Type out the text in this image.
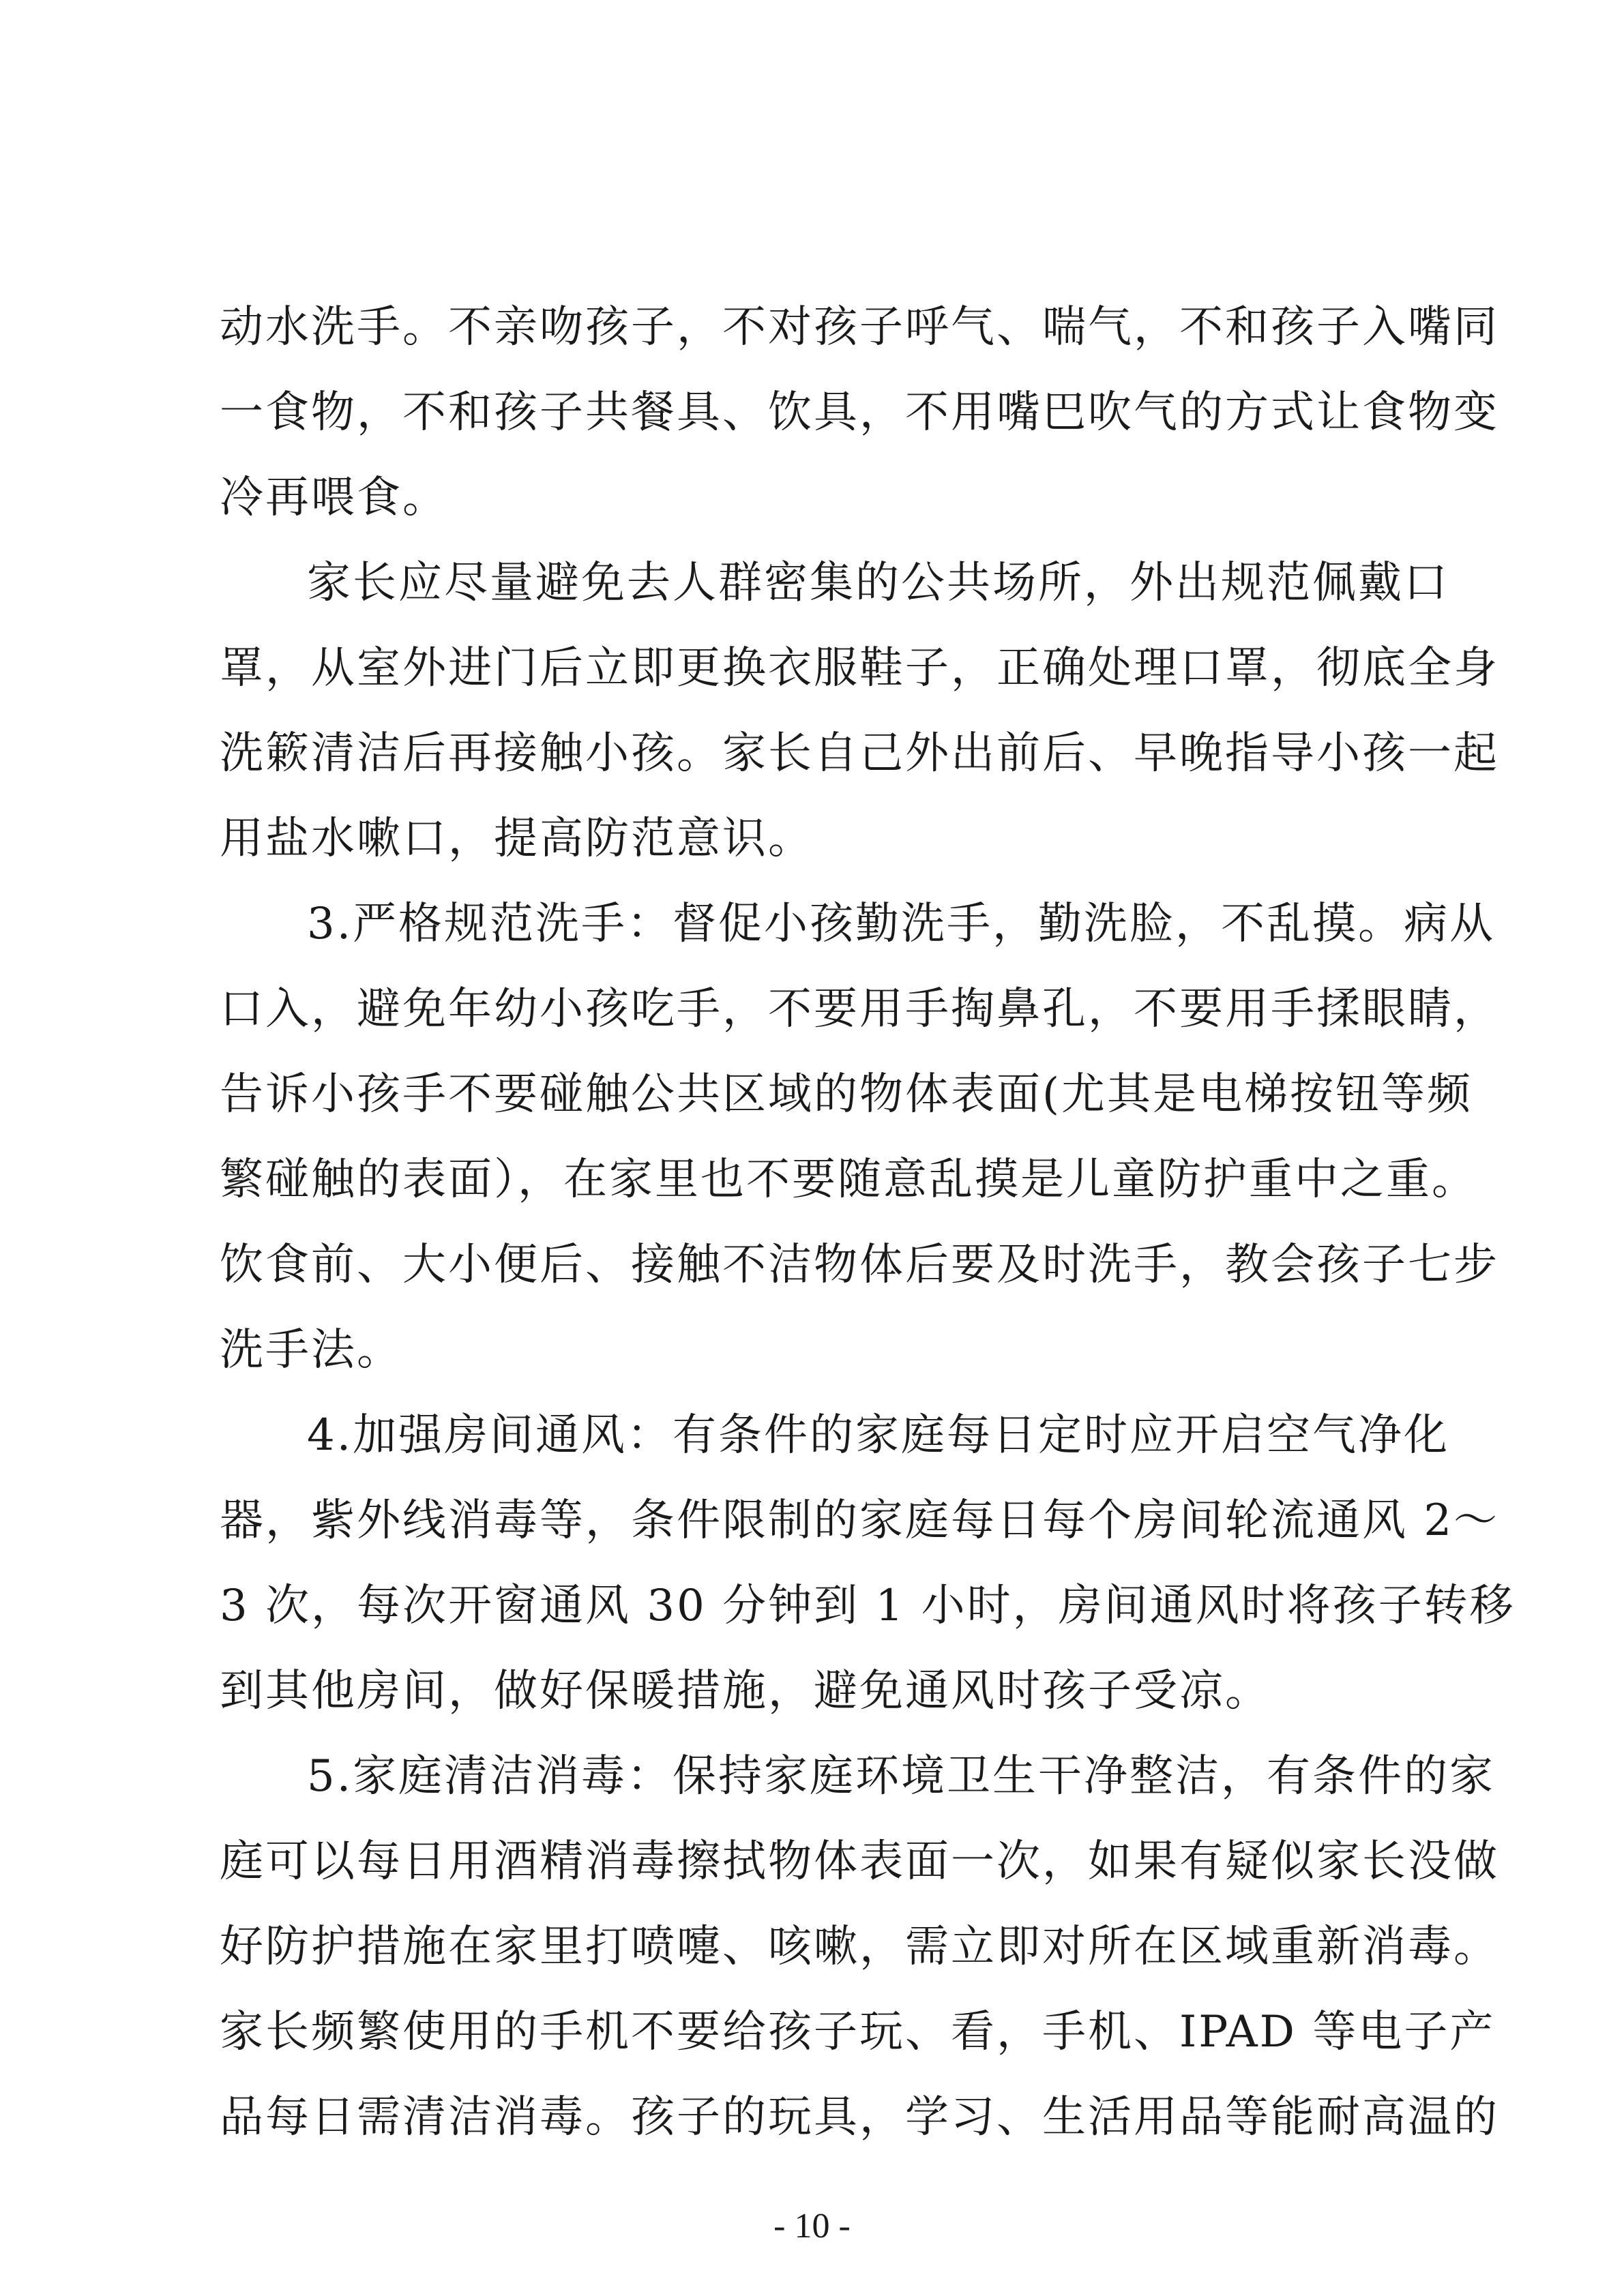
动水洗手。不亲吻孩子，不对孩子呼气、喘气，不和孩子入嘴同
一食物，不和孩子共餐具、饮具，不用嘴巴吹气的方式让食物变
冷再喂食。
家长应尽量避免去人群密集的公共场所，外出规范佩戴口
罩，从室外进门后立即更换衣服鞋子，正确处理口罩，彻底全身
洗簌清洁后再接触小孩。家长自己外出前后、早晚指导小孩一起
用盐水嗽口，提高防范意识。
3.严格规范洗手：督促小孩勤洗手，勤洗脸，不乱摸。病从
口入，避免年幼小孩吃手，不要用手掏鼻孔，不要用手揉眼睛，
告诉小孩手不要碰触公共区域的物体表面(尤其是电梯按钮等频
繁碰触的表面），在家里也不要随意乱摸是儿童防护重中之重。
饮食前、大小便后、接触不洁物体后要及时洗手，教会孩子七步
洗手法。
4.加强房间通风：有条件的家庭每日定时应开启空气净化
器，紫外线消毒等，条件限制的家庭每日每个房间轮流通风 2～
3 次，每次开窗通风 30 分钟到 1 小时，房间通风时将孩子转移
到其他房间，做好保暖措施，避免通风时孩子受凉。
5.家庭清洁消毒：保持家庭环境卫生干净整洁，有条件的家
庭可以每日用酒精消毒擦拭物体表面一次，如果有疑似家长没做
好防护措施在家里打喷嚏、咳嗽，需立即对所在区域重新消毒。
家长频繁使用的手机不要给孩子玩、看，手机、IPAD 等电子产
品每日需清洁消毒。孩子的玩具，学习、生活用品等能耐高温的
- 10 -
